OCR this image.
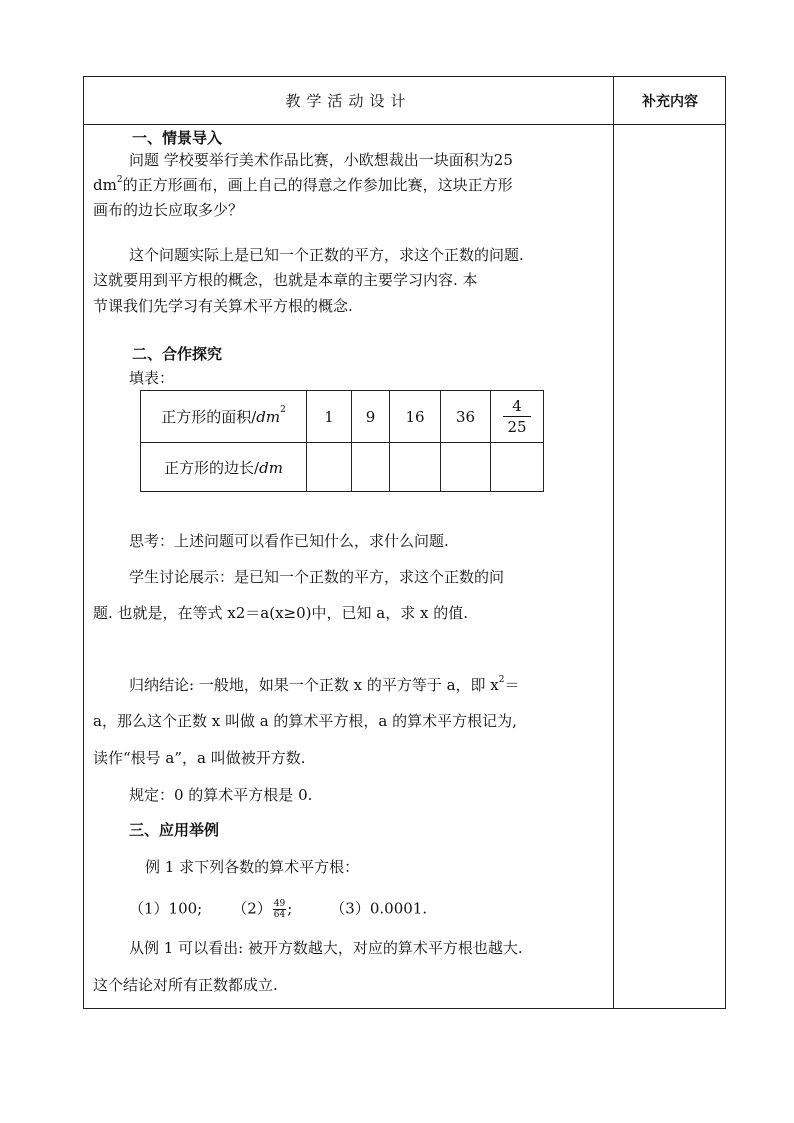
教学活动设计	补充内容
一、情景导入
问题 学校要举行美术作品比赛，小欧想裁出一块面积为25
$dm^2$的正方形画布，画上自己的得意之作参加比赛，这块正方形
画布的边长应取多少？
这个问题实际上是已知一个正数的平方，求这个正数的问题.
这就要用到平方根的概念，也就是本章的主要学习内容. 本
节课我们先学习有关算术平方根的概念.
二、合作探究
填表：
正方形的面积$/dm^2$	1	9	16	36	$\frac{4}{25}$

正方形的边长/dm					
思考：上述问题可以看作已知什么，求什么问题.
学生讨论展示：是已知一个正数的平方，求这个正数的问
题. 也就是，在等式 x2＝a(x≥0)中，已知 a，求 x 的值.
归纳结论: 一般地，如果一个正数 x 的平方等于 a，即 $x^2=$
a，那么这个正数 x 叫做 a 的算术平方根，a 的算术平方根记为,
读作“根号 a”，a 叫做被开方数.
规定：0 的算术平方根是 0.
三、应用举例
例 1 求下列各数的算术平方根：
（1）100; $(2) \frac{49}{64}$ ;	（3）0.0001.
从例 1 可以看出: 被开方数越大，对应的算术平方根也越大.
这个结论对所有正数都成立.
